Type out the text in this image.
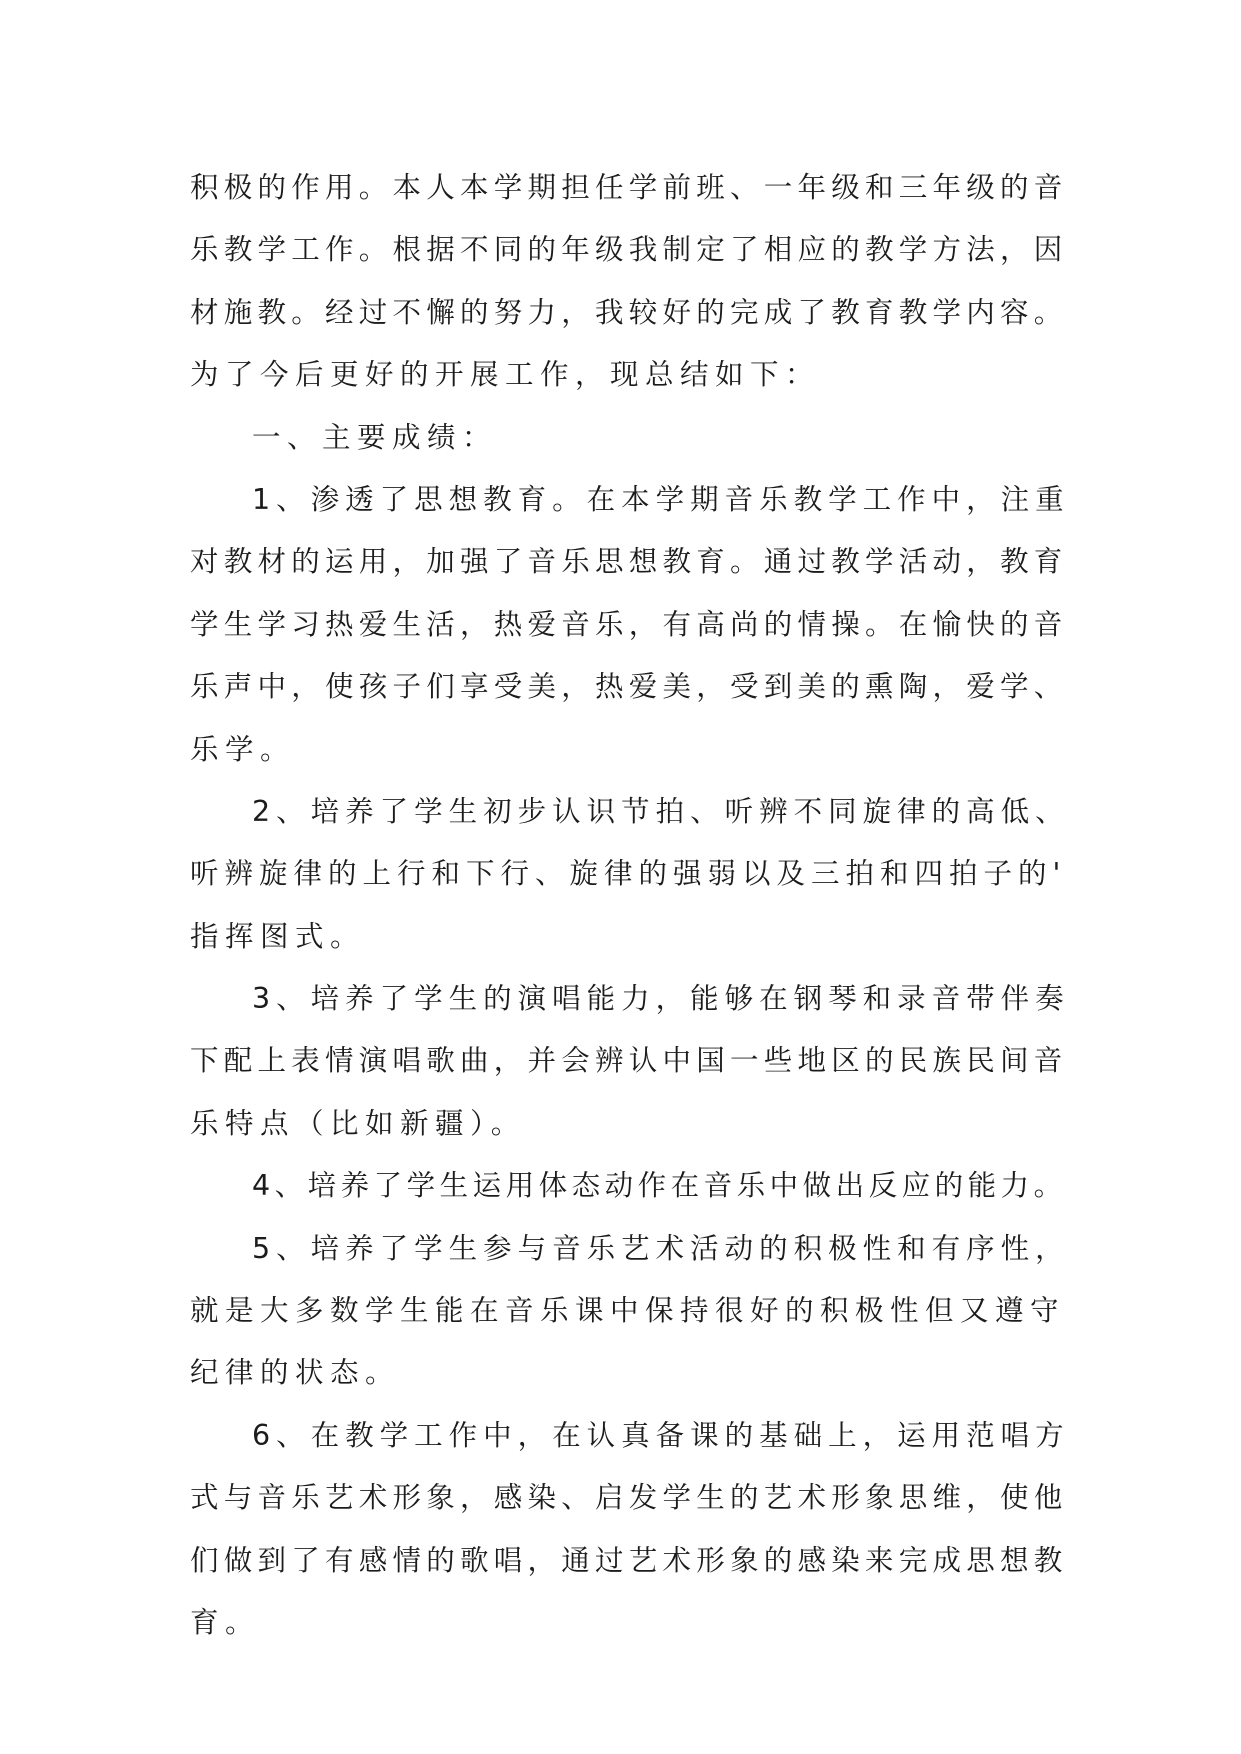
积极的作用。本人本学期担任学前班、一年级和三年级的音
乐教学工作。根据不同的年级我制定了相应的教学方法，因
材施教。经过不懈的努力，我较好的完成了教育教学内容。
为了今后更好的开展工作，现总结如下：
一、主要成绩：
1、渗透了思想教育。在本学期音乐教学工作中，注重
对教材的运用，加强了音乐思想教育。通过教学活动，教育
学生学习热爱生活，热爱音乐，有高尚的情操。在愉快的音
乐声中，使孩子们享受美，热爱美，受到美的熏陶，爱学、
乐学。
2、培养了学生初步认识节拍、听辨不同旋律的高低、
听辨旋律的上行和下行、旋律的强弱以及三拍和四拍子的'
指挥图式。
3、培养了学生的演唱能力，能够在钢琴和录音带伴奏
下配上表情演唱歌曲，并会辨认中国一些地区的民族民间音
乐特点（比如新疆）。
4、培养了学生运用体态动作在音乐中做出反应的能力。
5、培养了学生参与音乐艺术活动的积极性和有序性，
就是大多数学生能在音乐课中保持很好的积极性但又遵守
纪律的状态。
6、在教学工作中，在认真备课的基础上，运用范唱方
式与音乐艺术形象，感染、启发学生的艺术形象思维，使他
们做到了有感情的歌唱，通过艺术形象的感染来完成思想教
育。
